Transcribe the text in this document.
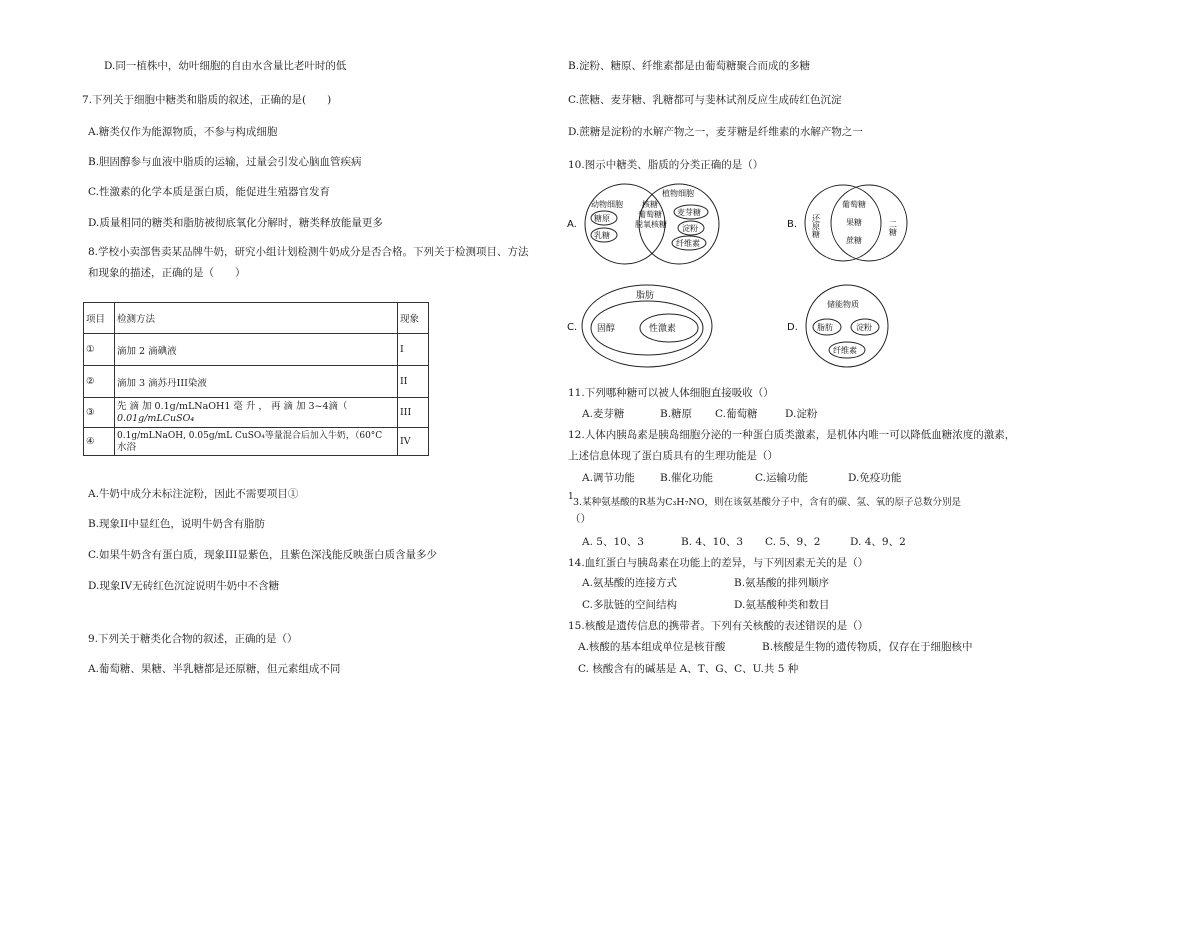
D.同一植株中，幼叶细胞的自由水含量比老叶时的低
7.下列关于细胞中糖类和脂质的叙述，正确的是(　　)
A.糖类仅作为能源物质，不参与构成细胞
B.胆固醇参与血液中脂质的运输，过量会引发心脑血管疾病
C.性激素的化学本质是蛋白质，能促进生殖器官发育
D.质量相同的糖类和脂肪被彻底氧化分解时，糖类释放能量更多
8.学校小卖部售卖某品牌牛奶，研究小组计划检测牛奶成分是否合格。下列关于检测项目、方法
和现象的描述，正确的是（　　）
项目	检测方法	现象
①	滴加 2 滴碘液	I
②	滴加 3 滴苏丹III染液	II
③	先 滴 加 0.1g/mLNaOH1 毫 升 ， 再 滴 加 3~4滴（
0.01g/mLCuSO₄	III
④	0.1g/mLNaOH, 0.05g/mL CuSO₄等量混合后加入牛奶，（60°C
水浴	IV
A.牛奶中成分未标注淀粉，因此不需要项目①
B.现象II中显红色，说明牛奶含有脂肪
C.如果牛奶含有蛋白质，现象III显紫色，且紫色深浅能反映蛋白质含量多少
D.现象IV无砖红色沉淀说明牛奶中不含糖
9.下列关于糖类化合物的叙述，正确的是（）
A.葡萄糖、果糖、半乳糖都是还原糖，但元素组成不同
B.淀粉、糖原、纤维素都是由葡萄糖聚合而成的多糖
C.蔗糖、麦芽糖、乳糖都可与斐林试剂反应生成砖红色沉淀
D.蔗糖是淀粉的水解产物之一，麦芽糖是纤维素的水解产物之一
10.图示中糖类、脂质的分类正确的是（）
A.
动物细胞
植物细胞
核糖
葡萄糖
脱氧核糖
糖原
乳糖
麦芽糖
淀粉
纤维素
B. 还原糖
葡萄糖
果糖
蔗糖
二糖
C.
脂肪
固醇	性激素	D.
储能物质
脂肪	淀粉
纤维素
11.下列哪种糖可以被人体细胞直接吸收（）
A.麦芽糖	B.糖原 C.葡萄糖	D.淀粉
12.人体内胰岛素是胰岛细胞分泌的一种蛋白质类激素，是机体内唯一可以降低血糖浓度的激素，
上述信息体现了蛋白质具有的生理功能是（）
A.调节功能 B.催化功能	C.运输功能	D.免疫功能
1 3.某种氨基酸的R基为C₃H₇NO，则在该氨基酸分子中，含有的碳、氢、氧的原子总数分别是
（）
A. 5、10、3	B. 4、10、3 C. 5、9、2	D. 4、9、2
14.血红蛋白与胰岛素在功能上的差异，与下列因素无关的是（）
A.氨基酸的连接方式	B.氨基酸的排列顺序
C.多肽链的空间结构	D.氨基酸种类和数目
15.核酸是遗传信息的携带者。下列有关核酸的表述错误的是（）
A.核酸的基本组成单位是核苷酸	B.核酸是生物的遗传物质，仅存在于细胞核中
C. 核酸含有的碱基是 A、T、G、C、U.共 5 种
